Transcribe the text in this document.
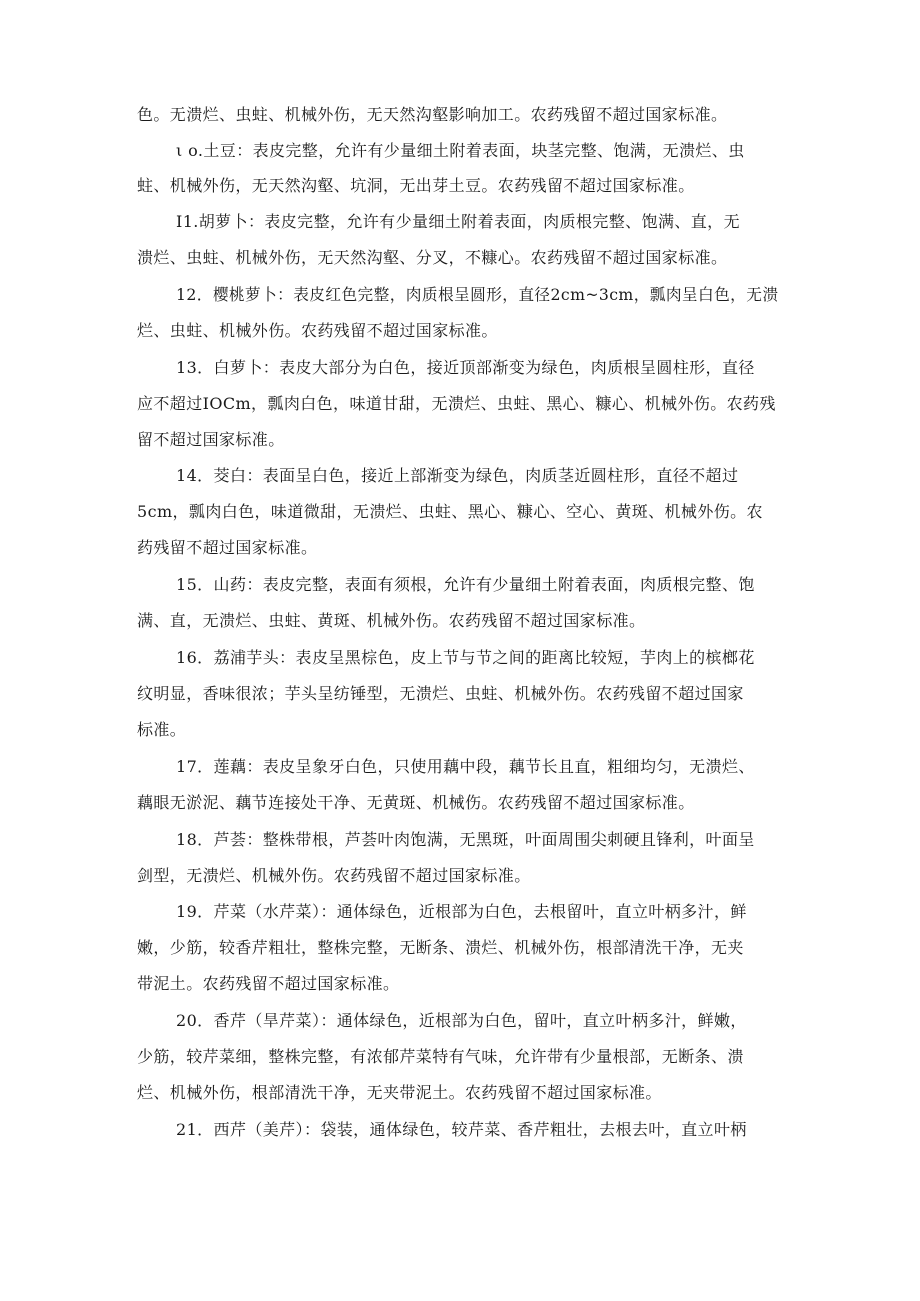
色。无溃烂、虫蛀、机械外伤，无天然沟壑影响加工。农药残留不超过国家标准。
ι o.土豆：表皮完整，允许有少量细土附着表面，块茎完整、饱满，无溃烂、虫
蛀、机械外伤，无天然沟壑、坑洞，无出芽土豆。农药残留不超过国家标准。
I1.胡萝卜：表皮完整，允许有少量细土附着表面，肉质根完整、饱满、直，无
溃烂、虫蛀、机械外伤，无天然沟壑、分叉，不糠心。农药残留不超过国家标准。
12．樱桃萝卜：表皮红色完整，肉质根呈圆形，直径2cm~3cm，瓢肉呈白色，无溃
烂、虫蛀、机械外伤。农药残留不超过国家标准。
13．白萝卜：表皮大部分为白色，接近顶部渐变为绿色，肉质根呈圆柱形，直径
应不超过IOCm，瓢肉白色，味道甘甜，无溃烂、虫蛀、黑心、糠心、机械外伤。农药残
留不超过国家标准。
14．茭白：表面呈白色，接近上部渐变为绿色，肉质茎近圆柱形，直径不超过
5cm，瓢肉白色，味道微甜，无溃烂、虫蛀、黑心、糠心、空心、黄斑、机械外伤。农
药残留不超过国家标准。
15．山药：表皮完整，表面有须根，允许有少量细土附着表面，肉质根完整、饱
满、直，无溃烂、虫蛀、黄斑、机械外伤。农药残留不超过国家标准。
16．荔浦芋头：表皮呈黑棕色，皮上节与节之间的距离比较短，芋肉上的槟榔花
纹明显，香味很浓；芋头呈纺锤型，无溃烂、虫蛀、机械外伤。农药残留不超过国家
标准。
17．莲藕：表皮呈象牙白色，只使用藕中段，藕节长且直，粗细均匀，无溃烂、
藕眼无淤泥、藕节连接处干净、无黄斑、机械伤。农药残留不超过国家标准。
18．芦荟：整株带根，芦荟叶肉饱满，无黑斑，叶面周围尖刺硬且锋利，叶面呈
剑型，无溃烂、机械外伤。农药残留不超过国家标准。
19．芹菜（水芹菜）：通体绿色，近根部为白色，去根留叶，直立叶柄多汁，鲜
嫩，少筋，较香芹粗壮，整株完整，无断条、溃烂、机械外伤，根部清洗干净，无夹
带泥土。农药残留不超过国家标准。
20．香芹（旱芹菜）：通体绿色，近根部为白色，留叶，直立叶柄多汁，鲜嫩，
少筋，较芹菜细，整株完整，有浓郁芹菜特有气味，允许带有少量根部，无断条、溃
烂、机械外伤，根部清洗干净，无夹带泥土。农药残留不超过国家标准。
21．西芹（美芹）：袋装，通体绿色，较芹菜、香芹粗壮，去根去叶，直立叶柄
